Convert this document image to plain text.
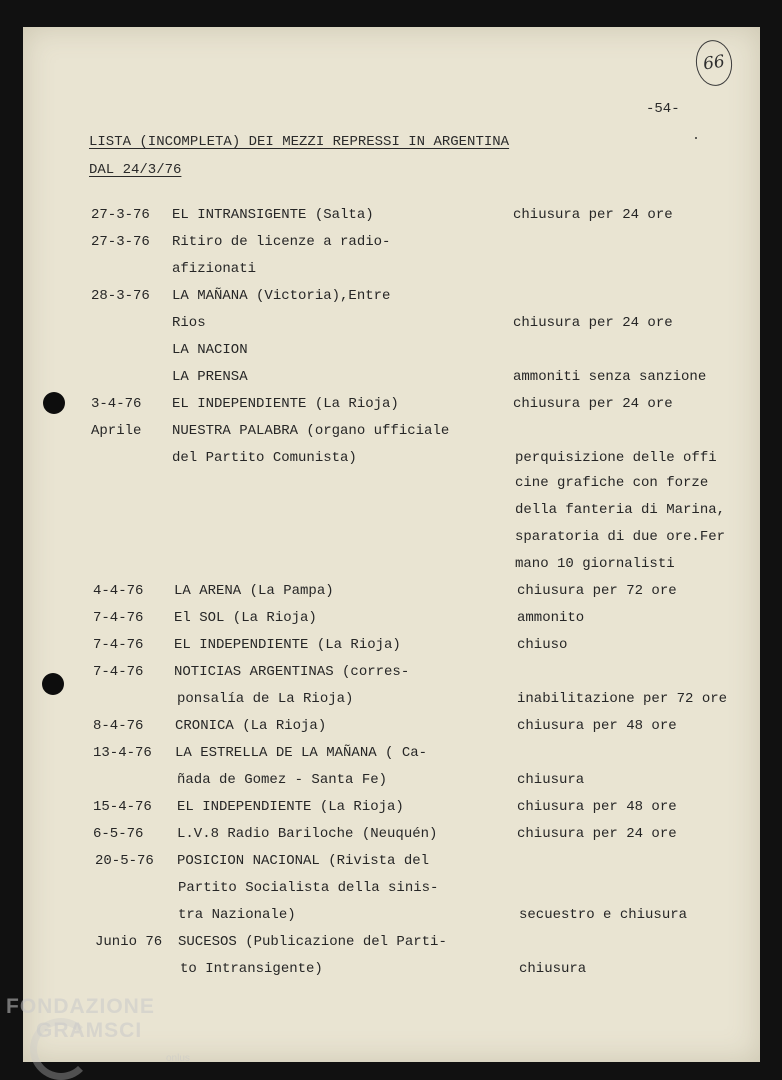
66
-54-
LISTA (INCOMPLETA) DEI MEZZI REPRESSI IN ARGENTINA
DAL 24/3/76
27-3-76 EL INTRANSIGENTE (Salta)	chiusura per 24 ore
27-3-76 Ritiro de licenze a radio-
afizionati
28-3-76 LA MAÑANA (Victoria),Entre
Rios	chiusura per 24 ore
LA NACION
LA PRENSA	ammoniti senza sanzione
3-4-76 EL INDEPENDIENTE (La Rioja)	chiusura per 24 ore
Aprile NUESTRA PALABRA (organo ufficiale
del Partito Comunista)	perquisizione delle offi
cine grafiche con forze
della fanteria di Marina,
sparatoria di due ore.Fer
mano 10 giornalisti
4-4-76 LA ARENA (La Pampa)	chiusura per 72 ore
7-4-76 El SOL (La Rioja)	ammonito
7-4-76 EL INDEPENDIENTE (La Rioja)	chiuso
7-4-76 NOTICIAS ARGENTINAS (corres-
ponsalía de La Rioja)	inabilitazione per 72 ore
8-4-76 CRONICA (La Rioja)	chiusura per 48 ore
13-4-76 LA ESTRELLA DE LA MAÑANA ( Ca-
ñada de Gomez - Santa Fe)	chiusura
15-4-76 EL INDEPENDIENTE (La Rioja)	chiusura per 48 ore
6-5-76 L.V.8 Radio Bariloche (Neuquén)	chiusura per 24 ore
20-5-76 POSICION NACIONAL (Rivista del
Partito Socialista della sinis-
tra Nazionale)	secuestro e chiusura
Junio 76 SUCESOS (Publicazione del Parti-
to Intransigente)	chiusura
FONDAZIONE
GRAMSCI
onlus
